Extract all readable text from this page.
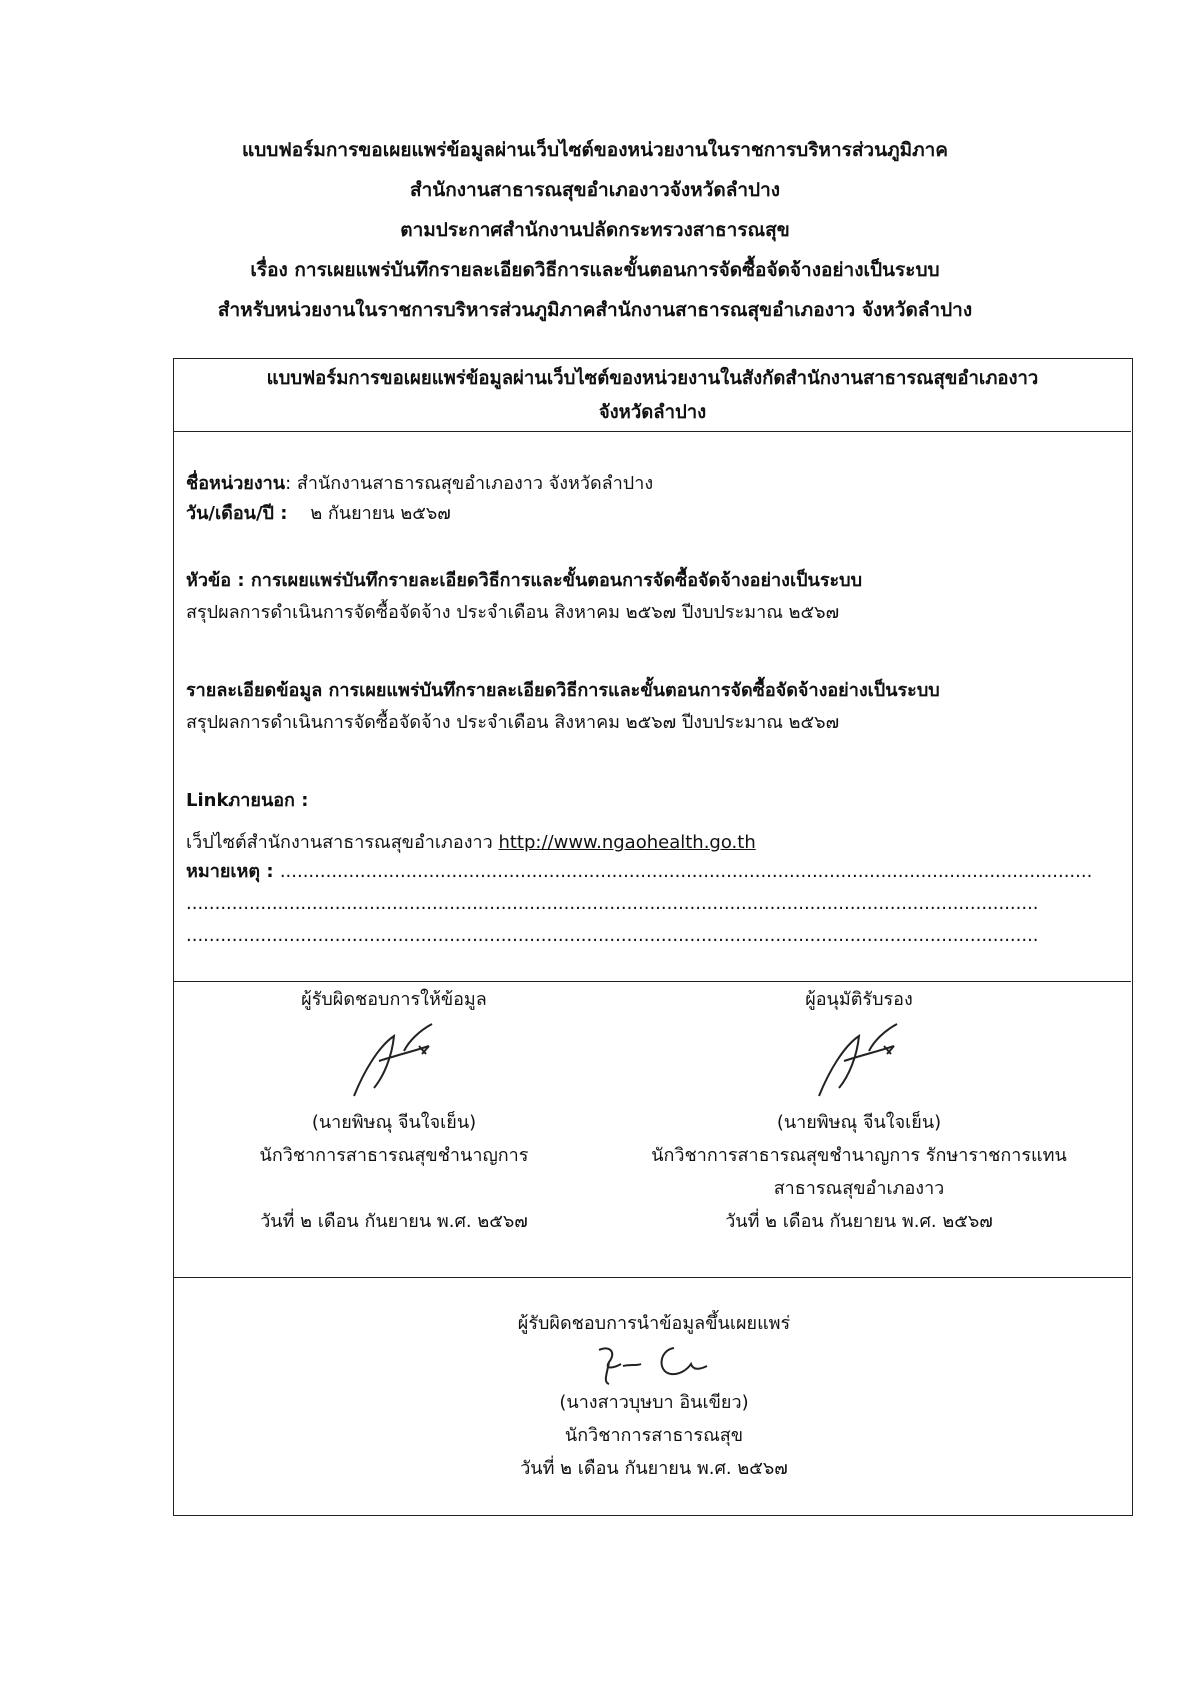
แบบฟอร์มการขอเผยแพร่ข้อมูลผ่านเว็บไซต์ของหน่วยงานในราชการบริหารส่วนภูมิภาค
สำนักงานสาธารณสุขอำเภองาวจังหวัดลำปาง
ตามประกาศสำนักงานปลัดกระทรวงสาธารณสุข
เรื่อง การเผยแพร่บันทึกรายละเอียดวิธีการและขั้นตอนการจัดซื้อจัดจ้างอย่างเป็นระบบ
สำหรับหน่วยงานในราชการบริหารส่วนภูมิภาคสำนักงานสาธารณสุขอำเภองาว จังหวัดลำปาง
แบบฟอร์มการขอเผยแพร่ข้อมูลผ่านเว็บไซต์ของหน่วยงานในสังกัดสำนักงานสาธารณสุขอำเภองาว
จังหวัดลำปาง
ชื่อหน่วยงาน: สำนักงานสาธารณสุขอำเภองาว จังหวัดลำปาง
วัน/เดือน/ปี : ๒ กันยายน ๒๕๖๗
หัวข้อ : การเผยแพร่บันทึกรายละเอียดวิธีการและขั้นตอนการจัดซื้อจัดจ้างอย่างเป็นระบบ
สรุปผลการดำเนินการจัดซื้อจัดจ้าง ประจำเดือน สิงหาคม ๒๕๖๗ ปีงบประมาณ ๒๕๖๗
รายละเอียดข้อมูล การเผยแพร่บันทึกรายละเอียดวิธีการและขั้นตอนการจัดซื้อจัดจ้างอย่างเป็นระบบ
สรุปผลการดำเนินการจัดซื้อจัดจ้าง ประจำเดือน สิงหาคม ๒๕๖๗ ปีงบประมาณ ๒๕๖๗
Linkภายนอก :
เว็ปไซต์สำนักงานสาธารณสุขอำเภองาว http://www.ngaohealth.go.th
หมายเหตุ : ..............................................................................................................................................
.....................................................................................................................................................
.....................................................................................................................................................
ผู้รับผิดชอบการให้ข้อมูล
(นายพิษณุ จีนใจเย็น)
นักวิชาการสาธารณสุขชำนาญการ

วันที่ ๒ เดือน กันยายน พ.ศ. ๒๕๖๗
ผู้อนุมัติรับรอง
(นายพิษณุ จีนใจเย็น)
นักวิชาการสาธารณสุขชำนาญการ รักษาราชการแทน
สาธารณสุขอำเภองาว
วันที่ ๒ เดือน กันยายน พ.ศ. ๒๕๖๗
ผู้รับผิดชอบการนำข้อมูลขึ้นเผยแพร่
(นางสาวบุษบา อินเขียว)
นักวิชาการสาธารณสุข
วันที่ ๒ เดือน กันยายน พ.ศ. ๒๕๖๗
